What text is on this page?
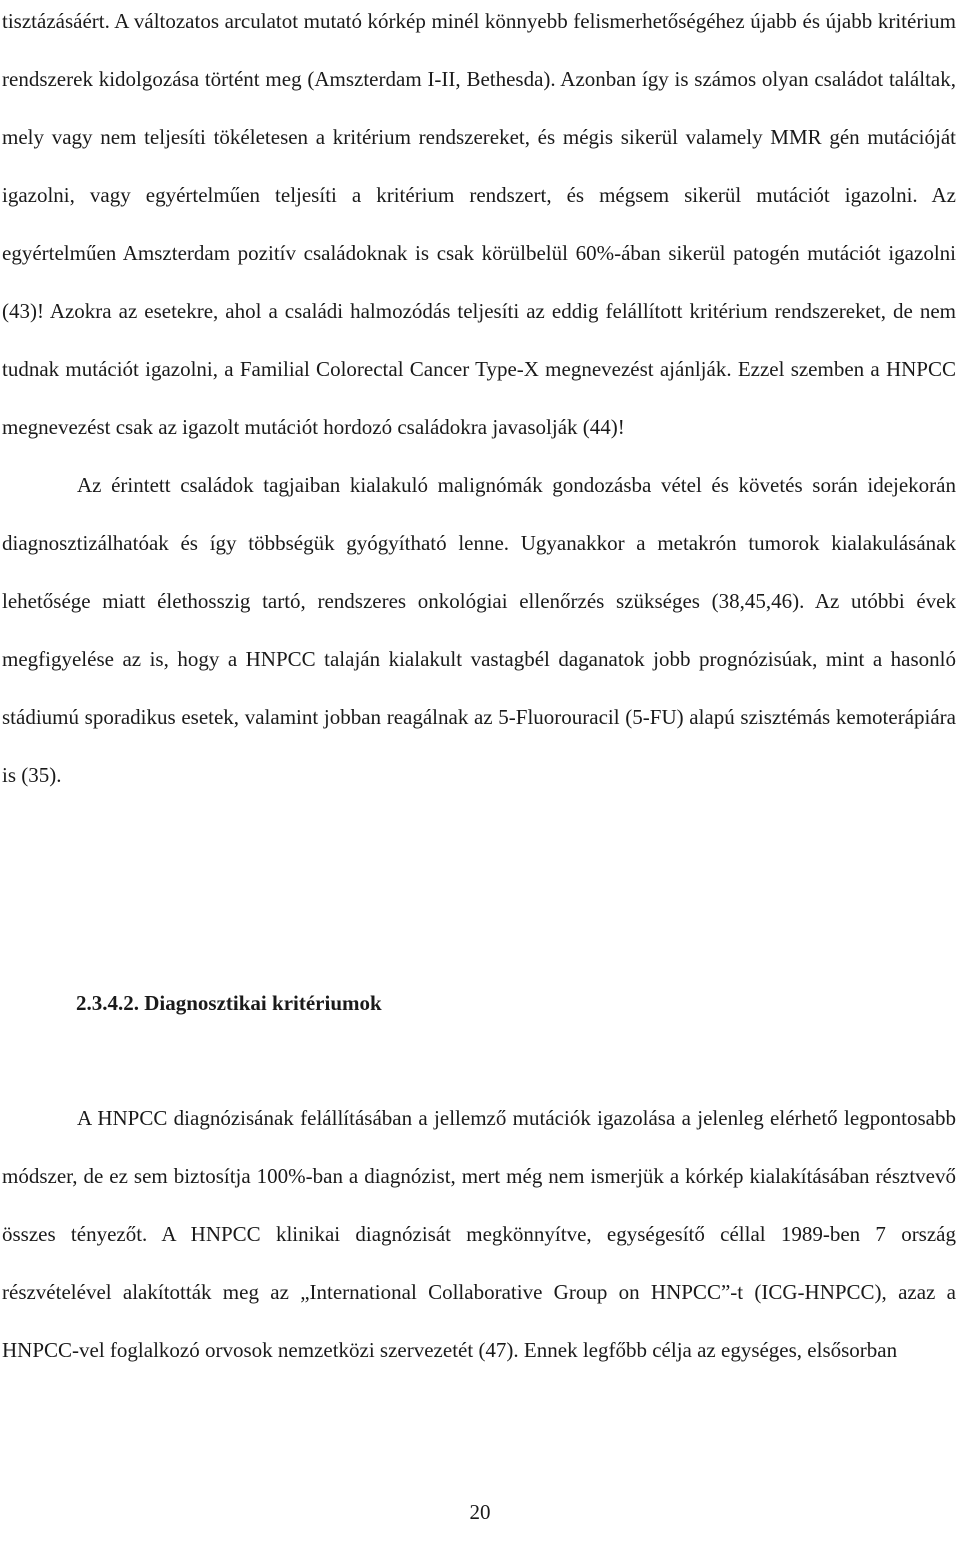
tisztázásáért. A változatos arculatot mutató kórkép minél könnyebb felismerhetőségéhez újabb és újabb kritérium rendszerek kidolgozása történt meg (Amszterdam I-II, Bethesda). Azonban így is számos olyan családot találtak, mely vagy nem teljesíti tökéletesen a kritérium rendszereket, és mégis sikerül valamely MMR gén mutációját igazolni, vagy egyértelműen teljesíti a kritérium rendszert, és mégsem sikerül mutációt igazolni. Az egyértelműen Amszterdam pozitív családoknak is csak körülbelül 60%-ában sikerül patogén mutációt igazolni (43)! Azokra az esetekre, ahol a családi halmozódás teljesíti az eddig felállított kritérium rendszereket, de nem tudnak mutációt igazolni, a Familial Colorectal Cancer Type-X megnevezést ajánlják. Ezzel szemben a HNPCC megnevezést csak az igazolt mutációt hordozó családokra javasolják (44)!

Az érintett családok tagjaiban kialakuló malignómák gondozásba vétel és követés során idejekorán diagnosztizálhatóak és így többségük gyógyítható lenne. Ugyanakkor a metakrón tumorok kialakulásának lehetősége miatt élethosszig tartó, rendszeres onkológiai ellenőrzés szükséges (38,45,46). Az utóbbi évek megfigyelése az is, hogy a HNPCC talaján kialakult vastagbél daganatok jobb prognózisúak, mint a hasonló stádiumú sporadikus esetek, valamint jobban reagálnak az 5-Fluorouracil (5-FU) alapú szisztémás kemoterápiára is (35).

2.3.4.2. Diagnosztikai kritériumok

A HNPCC diagnózisának felállításában a jellemző mutációk igazolása a jelenleg elérhető legpontosabb módszer, de ez sem biztosítja 100%-ban a diagnózist, mert még nem ismerjük a kórkép kialakításában résztvevő összes tényezőt. A HNPCC klinikai diagnózisát megkönnyítve, egységesítő céllal 1989-ben 7 ország részvételével alakították meg az „International Collaborative Group on HNPCC”-t (ICG-HNPCC), azaz a HNPCC-vel foglalkozó orvosok nemzetközi szervezetét (47). Ennek legfőbb célja az egységes, elsősorban

20
